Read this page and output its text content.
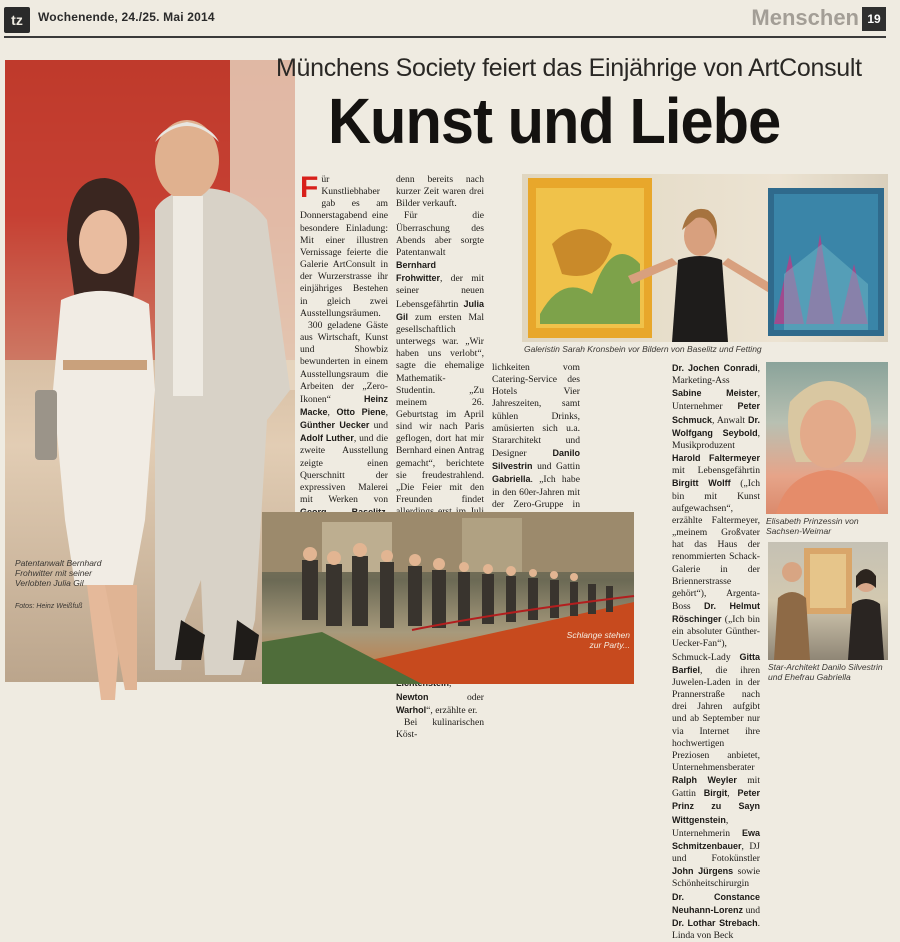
tz	Wochenende, 24./25. Mai 2014	Menschen 19
Patentanwalt Bernhard Frohwitter mit seiner Verlobten Julia Gil
Fotos: Heinz Weißfuß
Münchens Society feiert das Einjährige von ArtConsult
Kunst und Liebe
Für Kunstliebhaber gab es am Donnerstagabend eine besondere Einladung: Mit einer illustren Vernissage feierte die Galerie ArtConsult in der Wurzerstrasse ihr einjähriges Bestehen in gleich zwei Ausstellungsräumen.
300 geladene Gäste aus Wirtschaft, Kunst und Showbiz bewunderten in einem Ausstellungsraum die Arbeiten der „Zero-Ikonen“	Heinz Macke, Otto Piene, Günther Uecker und Adolf Luther, und die zweite Ausstellung zeigte einen Querschnitt der expressiven Malerei mit Werken von
denn bereits nach kurzer Zeit waren drei Bilder verkauft.
Für die Überraschung des Abends aber sorgte Patentanwalt Bernhard Frohwitter, der mit seiner neuen Lebensgefährtin Julia Gil zum ersten Mal gesellschaftlich unterwegs war. „Wir haben uns verlobt“, sagte die ehemalige Mathematik-Studentin. „Zu meinem 26. Geburtstag im April sind wir nach Paris geflogen, dort hat mir Bernhard einen Antrag gemacht“, berichtete sie freudestrahlend. „Die Feier mit den Freunden findet Newton	oder Warhol“, erzählte er.
Bei kulinarischen Köst-
Galeristin Sarah Kronsbein vor Bildern von Baselitz und Fetting
lichkeiten vom Catering-Service des Hotels Vier Jahreszeiten, samt kühlen Drinks, amüsierten sich u.a. Stararchitekt und Designer	Danilo Silvestrin und Gattin Gabriella. „Ich habe in den 60er-Jahren mit der Zero-Gruppe in
Dr. Jochen Conradi, Marketing-Ass Sabine Meister, Unternehmer Peter Schmuck, Anwalt Dr. Wolfgang Seybold, Musikproduzent Harold Faltermeyer mit Lebensgefährtin Birgitt Wolff („Ich bin mit Kunst aufgewachsen“, erzählte Faltermeyer, „meinem Großvater hat das Haus der renommierten Schack-Galerie in der Briennerstrasse gehört“), Argenta-Boss Dr. Helmut Röschinger („Ich bin ein absoluter Günther-Uecker-Fan“), Schmuck-Lady Gitta Barfiel, die ihren Juwelen-Laden in der Prannerstraße nach drei Jahren aufgibt und ab September nur via Internet ihre hochwertigen Preziosen anbietet, Unternehmensberater Ralph Weyler mit Gattin Birgit, Peter Prinz zu Sayn Wittgenstein, Unternehmerin Ewa Schmitzenbauer, DJ und Fotokünstler John Jürgens sowie Schönheitschirurgin Dr. Constance Neuhann-Lorenz und Dr. Lothar Strebach. Linda von Beck
Schlange stehen zur Party...
Elisabeth Prinzessin von Sachsen-Weimar
Star-Architekt Danilo Silvestrin und Ehefrau Gabriella
